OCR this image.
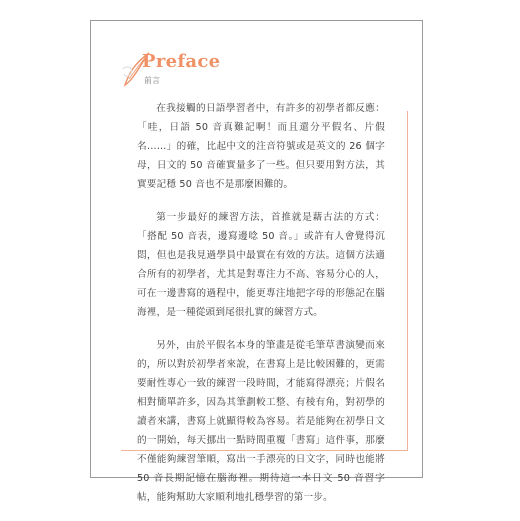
Preface
前言

在我接觸的日語學習者中，有許多的初學者都反應：「哇，日語 50 音真難記啊！而且還分平假名、片假名……」的確，比起中文的注音符號或是英文的 26 個字母，日文的 50 音確實量多了一些。但只要用對方法，其實要記穩 50 音也不是那麼困難的。

第一步最好的練習方法，首推就是藉古法的方式：「搭配 50 音表，邊寫邊唸 50 音。」或許有人會覺得沉悶，但也是我見過學員中最實在有效的方法。這個方法適合所有的初學者，尤其是對專注力不高、容易分心的人，可在一邊書寫的過程中，能更專注地把字母的形態記在腦海裡，是一種從頭到尾很扎實的練習方式。

另外，由於平假名本身的筆畫是從毛筆草書演變而來的，所以對於初學者來說，在書寫上是比較困難的，更需要耐性專心一致的練習一段時間，才能寫得漂亮；片假名相對簡單許多，因為其筆劃較工整、有稜有角，對初學的讀者來講，書寫上就顯得較為容易。若是能夠在初學日文的一開始，每天挪出一點時間重覆「書寫」這件事，那麼不僅能夠練習筆順，寫出一手漂亮的日文字，同時也能將 50 音長期記憶在腦海裡。期待這一本日文 50 音習字帖，能夠幫助大家順利地扎穩學習的第一步。
